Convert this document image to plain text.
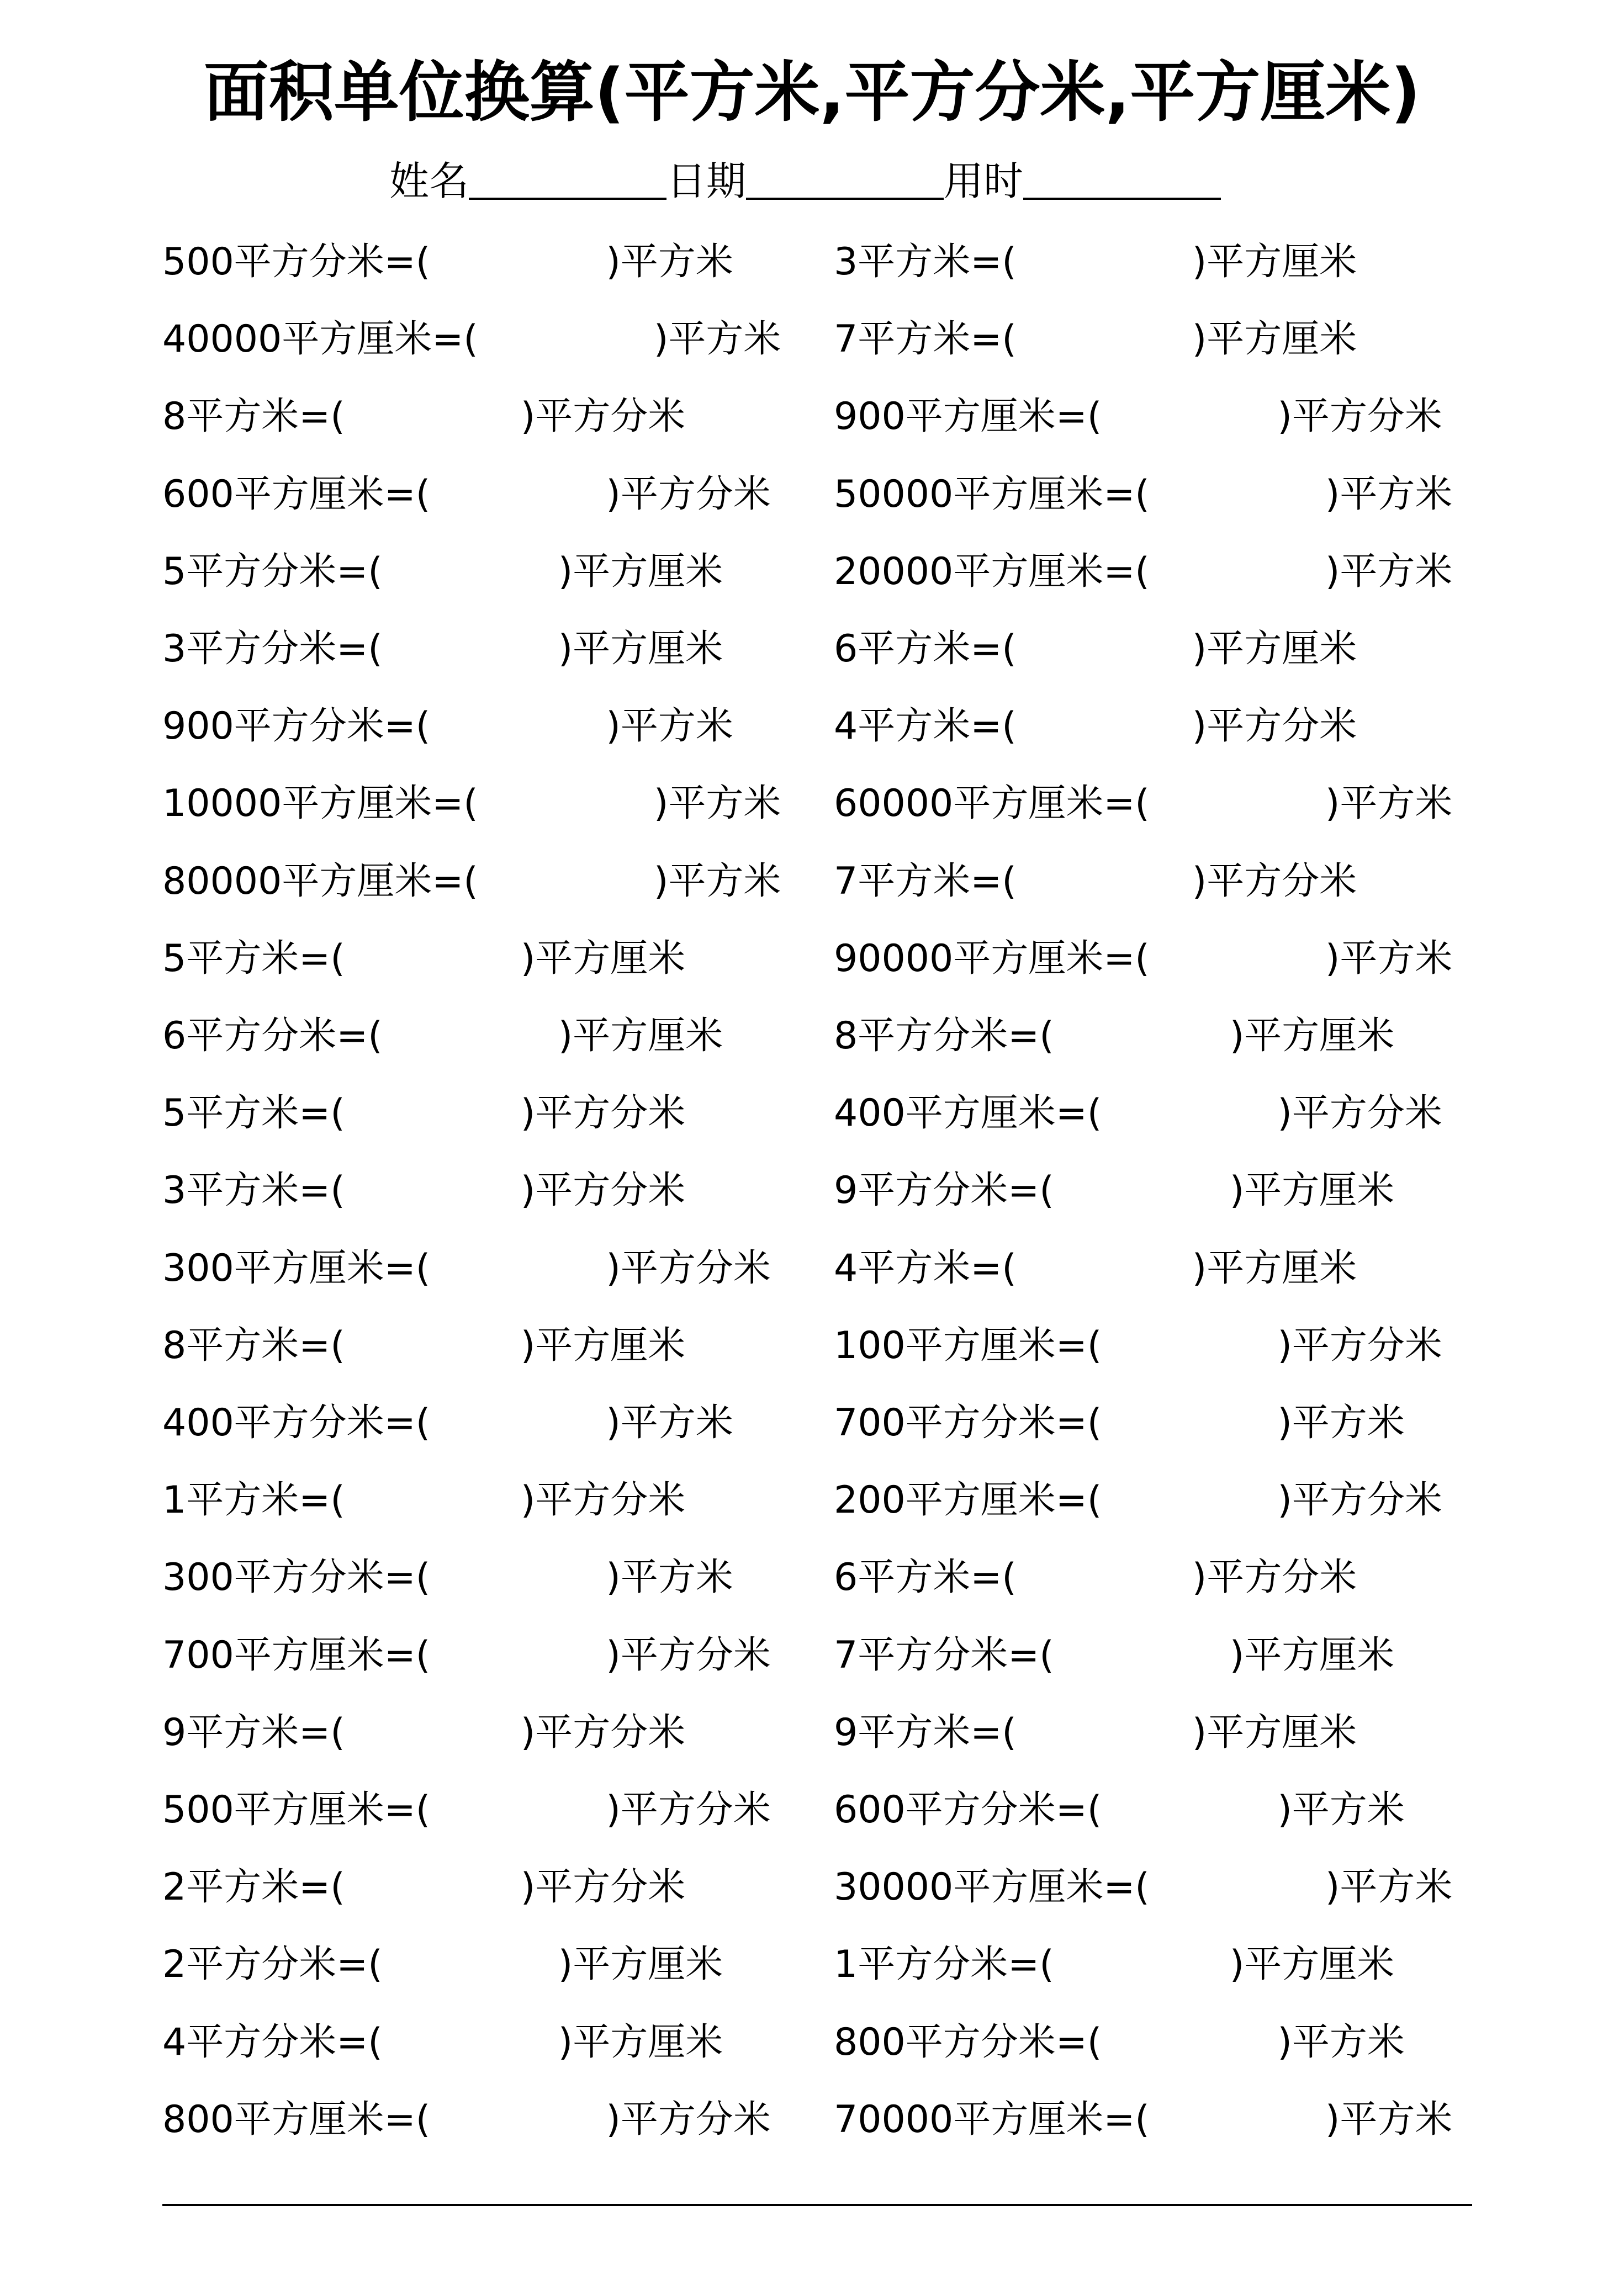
面积单位换算(平方米,平方分米,平方厘米)
姓名	日期	用时
500平方分米=(	)平方米	3平方米=(	)平方厘米
40000平方厘米=(	)平方米 7平方米=(	)平方厘米
8平方米=(	)平方分米	900平方厘米=(	)平方分米
600平方厘米=(	)平方分米 50000平方厘米=(	)平方米
5平方分米=(	)平方厘米	20000平方厘米=(	)平方米
3平方分米=(	)平方厘米	6平方米=(	)平方厘米
900平方分米=(	)平方米	4平方米=(	)平方分米
10000平方厘米=(	)平方米 60000平方厘米=(	)平方米
80000平方厘米=(	)平方米 7平方米=(	)平方分米
5平方米=(	)平方厘米	90000平方厘米=(	)平方米
6平方分米=(	)平方厘米	8平方分米=(	)平方厘米
5平方米=(	)平方分米	400平方厘米=(	)平方分米
3平方米=(	)平方分米	9平方分米=(	)平方厘米
300平方厘米=(	)平方分米 4平方米=(	)平方厘米
8平方米=(	)平方厘米	100平方厘米=(	)平方分米
400平方分米=(	)平方米	700平方分米=(	)平方米
1平方米=(	)平方分米	200平方厘米=(	)平方分米
300平方分米=(	)平方米	6平方米=(	)平方分米
700平方厘米=(	)平方分米 7平方分米=(	)平方厘米
9平方米=(	)平方分米	9平方米=(	)平方厘米
500平方厘米=(	)平方分米 600平方分米=(	)平方米
2平方米=(	)平方分米	30000平方厘米=(	)平方米
2平方分米=(	)平方厘米	1平方分米=(	)平方厘米
4平方分米=(	)平方厘米	800平方分米=(	)平方米
800平方厘米=(	)平方分米 70000平方厘米=(	)平方米
